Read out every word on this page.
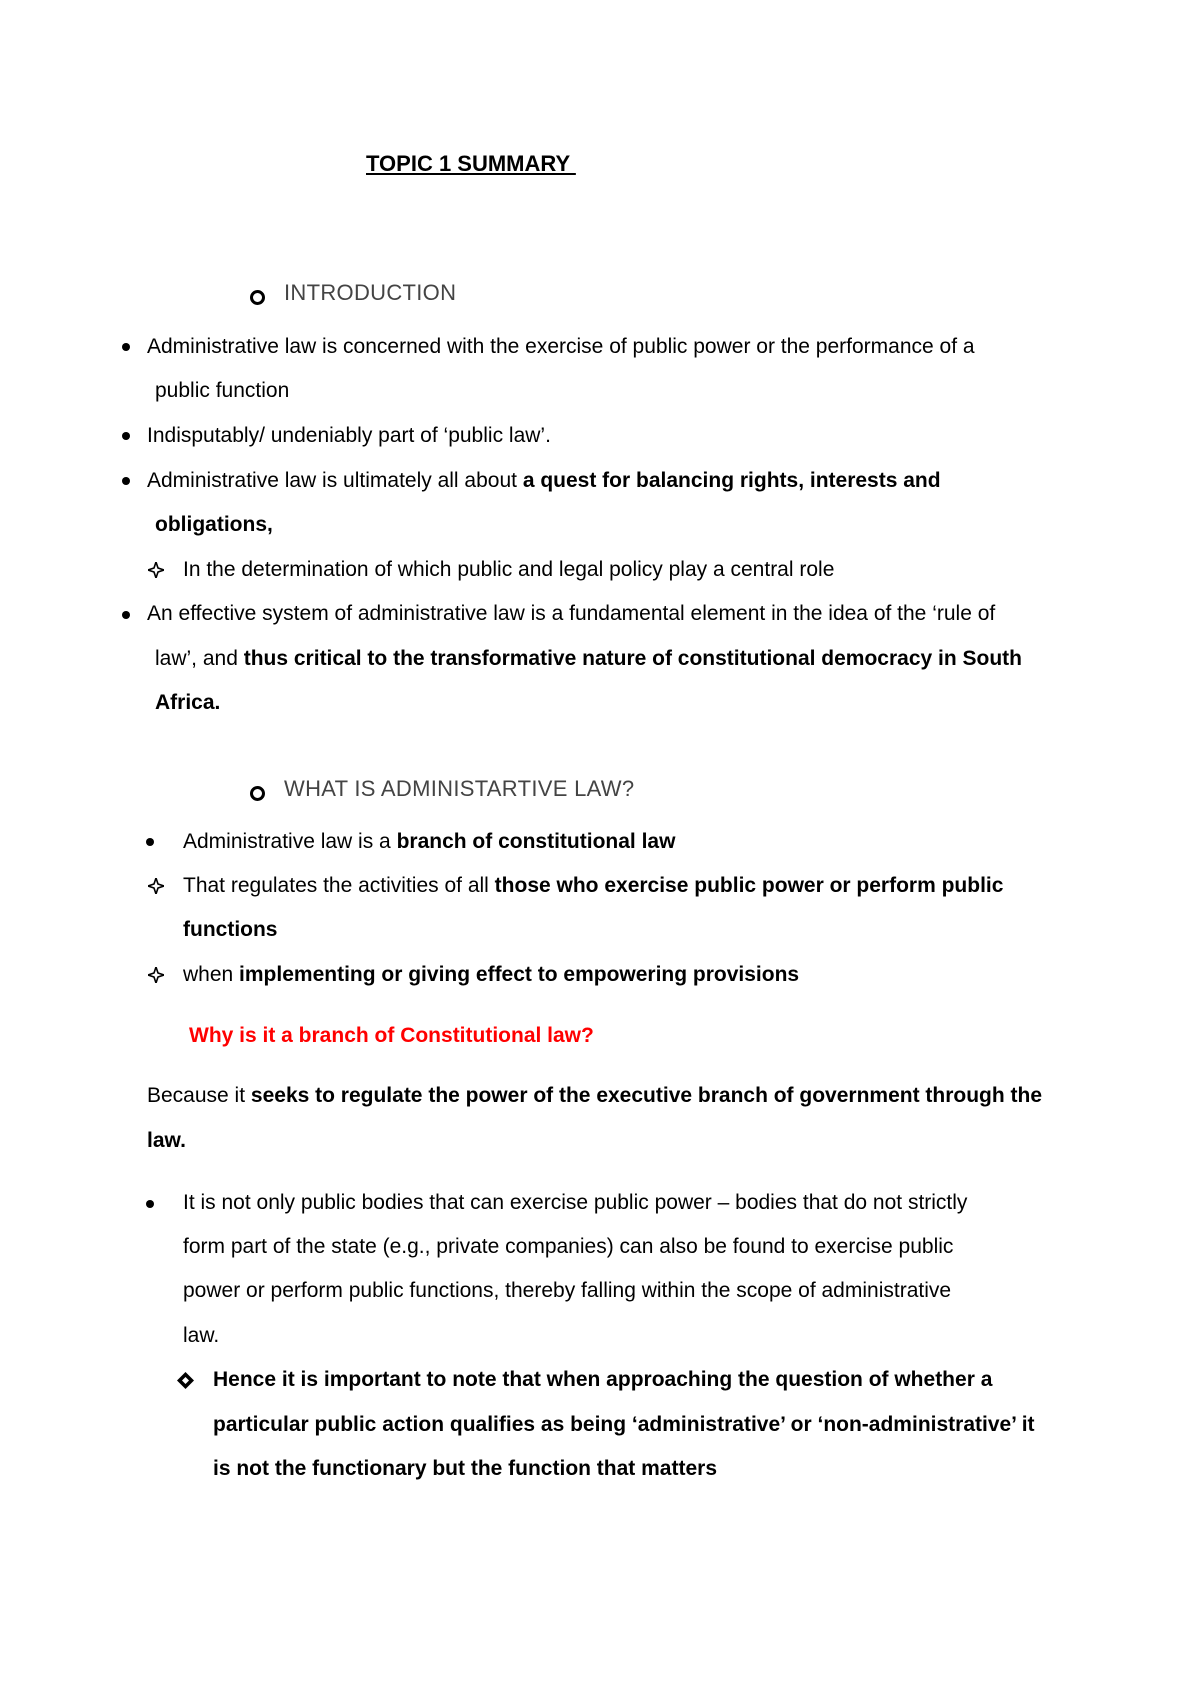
TOPIC 1 SUMMARY
INTRODUCTION
Administrative law is concerned with the exercise of public power or the performance of a
public function
Indisputably/ undeniably part of ‘public law’.
Administrative law is ultimately all about a quest for balancing rights, interests and
obligations,
In the determination of which public and legal policy play a central role
An effective system of administrative law is a fundamental element in the idea of the ‘rule of
law’, and thus critical to the transformative nature of constitutional democracy in South
Africa.
WHAT IS ADMINISTARTIVE LAW?
Administrative law is a branch of constitutional law
That regulates the activities of all those who exercise public power or perform public
functions
when implementing or giving effect to empowering provisions
Why is it a branch of Constitutional law?
Because it seeks to regulate the power of the executive branch of government through the
law.
It is not only public bodies that can exercise public power – bodies that do not strictly
form part of the state (e.g., private companies) can also be found to exercise public
power or perform public functions, thereby falling within the scope of administrative
law.
Hence it is important to note that when approaching the question of whether a
particular public action qualifies as being ‘administrative’ or ‘non-administrative’ it
is not the functionary but the function that matters
